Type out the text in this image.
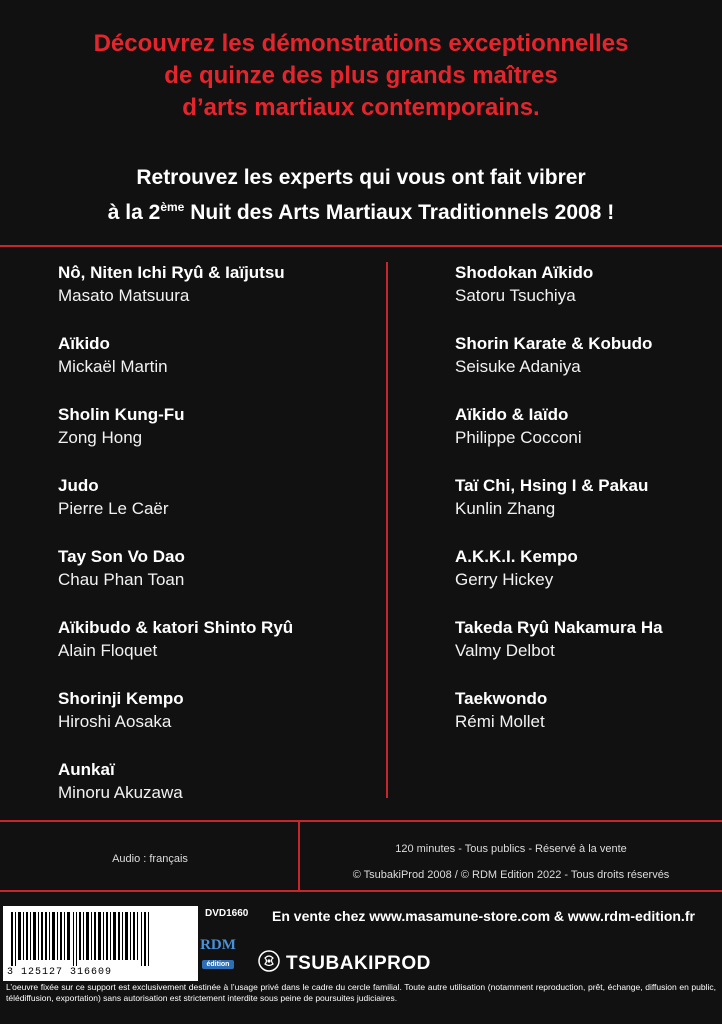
Découvrez les démonstrations exceptionnelles
de quinze des plus grands maîtres
d’arts martiaux contemporains.
Retrouvez les experts qui vous ont fait vibrer
à la 2ème Nuit des Arts Martiaux Traditionnels 2008 !
Nô, Niten Ichi Ryû & Iaïjutsu
Masato Matsuura
Aïkido
Mickaël Martin
Sholin Kung-Fu
Zong Hong
Judo
Pierre Le Caër
Tay Son Vo Dao
Chau Phan Toan
Aïkibudo & katori Shinto Ryû
Alain Floquet
Shorinji Kempo
Hiroshi Aosaka
Aunkaï
Minoru Akuzawa
Shodokan Aïkido
Satoru Tsuchiya
Shorin Karate & Kobudo
Seisuke Adaniya
Aïkido & Iaïdo
Philippe Cocconi
Taï Chi, Hsing I & Pakau
Kunlin Zhang
A.K.K.I. Kempo
Gerry Hickey
Takeda Ryû Nakamura Ha
Valmy Delbot
Taekwondo
Rémi Mollet
Audio : français
120 minutes - Tous publics - Réservé à la vente
© TsubakiProd 2008 / © RDM Edition 2022 - Tous droits réservés
3 125127 316609
DVD1660 En vente chez www.masamune-store.com & www.rdm-edition.fr
RDM
édition	TSUBAKIPROD
L’oeuvre fixée sur ce support est exclusivement destinée à l’usage privé dans le cadre du cercle familial. Toute autre utilisation (notamment reproduction, prêt, échange, diffusion en public, télédiffusion, exportation) sans autorisation est strictement interdite sous peine de poursuites judiciaires.
